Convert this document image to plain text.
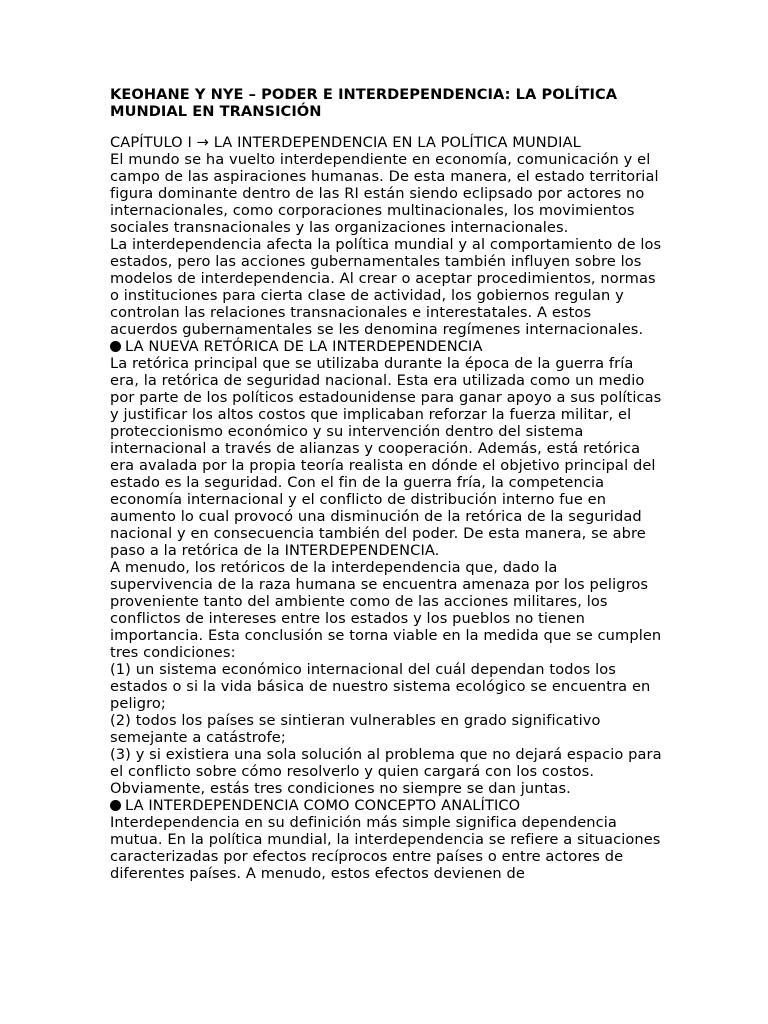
KEOHANE Y NYE – PODER E INTERDEPENDENCIA: LA POLÍTICA MUNDIAL EN TRANSICIÓN

CAPÍTULO I → LA INTERDEPENDENCIA EN LA POLÍTICA MUNDIAL

El mundo se ha vuelto interdependiente en economía, comunicación y el campo de las aspiraciones humanas. De esta manera, el estado territorial figura dominante dentro de las RI están siendo eclipsado por actores no internacionales, como corporaciones multinacionales, los movimientos sociales transnacionales y las organizaciones internacionales.

La interdependencia afecta la política mundial y al comportamiento de los estados, pero las acciones gubernamentales también influyen sobre los modelos de interdependencia. Al crear o aceptar procedimientos, normas o instituciones para cierta clase de actividad, los gobiernos regulan y controlan las relaciones transnacionales e interestatales. A estos acuerdos gubernamentales se les denomina regímenes internacionales.

LA NUEVA RETÓRICA DE LA INTERDEPENDENCIA

La retórica principal que se utilizaba durante la época de la guerra fría era, la retórica de seguridad nacional. Esta era utilizada como un medio por parte de los políticos estadounidense para ganar apoyo a sus políticas y justificar los altos costos que implicaban reforzar la fuerza militar, el proteccionismo económico y su intervención dentro del sistema internacional a través de alianzas y cooperación. Además, está retórica era avalada por la propia teoría realista en dónde el objetivo principal del estado es la seguridad. Con el fin de la guerra fría, la competencia economía internacional y el conflicto de distribución interno fue en aumento lo cual provocó una disminución de la retórica de la seguridad nacional y en consecuencia también del poder. De esta manera, se abre paso a la retórica de la INTERDEPENDENCIA.

A menudo, los retóricos de la interdependencia que, dado la supervivencia de la raza humana se encuentra amenaza por los peligros proveniente tanto del ambiente como de las acciones militares, los conflictos de intereses entre los estados y los pueblos no tienen importancia. Esta conclusión se torna viable en la medida que se cumplen tres condiciones:

(1) un sistema económico internacional del cuál dependan todos los estados o si la vida básica de nuestro sistema ecológico se encuentra en peligro;

(2) todos los países se sintieran vulnerables en grado significativo semejante a catástrofe;

(3) y si existiera una sola solución al problema que no dejará espacio para el conflicto sobre cómo resolverlo y quien cargará con los costos.

Obviamente, estás tres condiciones no siempre se dan juntas.

LA INTERDEPENDENCIA COMO CONCEPTO ANALÍTICO

Interdependencia en su definición más simple significa dependencia mutua. En la política mundial, la interdependencia se refiere a situaciones caracterizadas por efectos recíprocos entre países o entre actores de diferentes países. A menudo, estos efectos devienen de
